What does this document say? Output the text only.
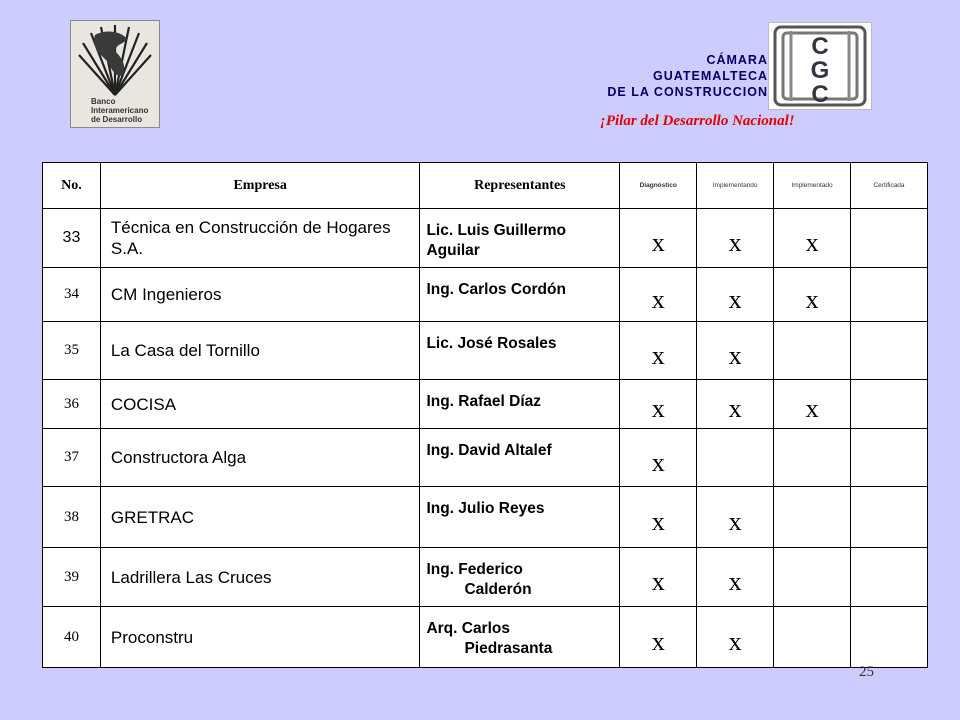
Banco
Interamericano
de Desarrollo
CÁMARA
GUATEMALTECA
DE LA CONSTRUCCION
C
G
C
¡Pilar del Desarrollo Nacional!
No.	Empresa	Representantes	Diagnóstico	Implementando	Implementado	Certificada
33	Técnica en Construcción de Hogares S.A.	Lic. Luis Guillermo
Aguilar	x	x	x	
34	CM Ingenieros	Ing. Carlos Cordón	x	x	x	
35	La Casa del Tornillo	Lic. José Rosales	x	x		
36	COCISA	Ing. Rafael Díaz	x	x	x	
37	Constructora Alga	Ing. David Altalef	x			
38	GRETRAC	Ing. Julio Reyes	x	x		
39	Ladrillera Las Cruces	Ing. Federico
Calderón	x	x		
40	Proconstru	Arq. Carlos
Piedrasanta	x	x		
25
